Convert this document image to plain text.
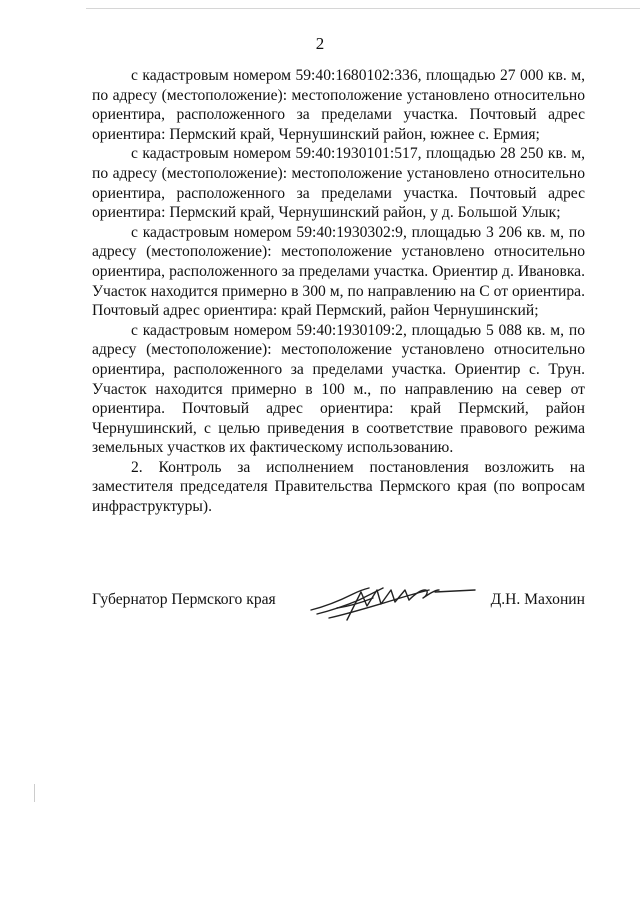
2

с кадастровым номером 59:40:1680102:336, площадью 27 000 кв. м, по адресу (местоположение): местоположение установлено относительно ориентира, расположенного за пределами участка. Почтовый адрес ориентира: Пермский край, Чернушинский район, южнее с. Ермия;

с кадастровым номером 59:40:1930101:517, площадью 28 250 кв. м, по адресу (местоположение): местоположение установлено относительно ориентира, расположенного за пределами участка. Почтовый адрес ориентира: Пермский край, Чернушинский район, у д. Большой Улык;

с кадастровым номером 59:40:1930302:9, площадью 3 206 кв. м, по адресу (местоположение): местоположение установлено относительно ориентира, расположенного за пределами участка. Ориентир д. Ивановка. Участок находится примерно в 300 м, по направлению на С от ориентира. Почтовый адрес ориентира: край Пермский, район Чернушинский;

с кадастровым номером 59:40:1930109:2, площадью 5 088 кв. м, по адресу (местоположение): местоположение установлено относительно ориентира, расположенного за пределами участка. Ориентир с. Трун. Участок находится примерно в 100 м., по направлению на север от ориентира. Почтовый адрес ориентира: край Пермский, район Чернушинский, с целью приведения в соответствие правового режима земельных участков их фактическому использованию.

2. Контроль за исполнением постановления возложить на заместителя председателя Правительства Пермского края (по вопросам инфраструктуры).

Губернатор Пермского края	Д.Н. Махонин
